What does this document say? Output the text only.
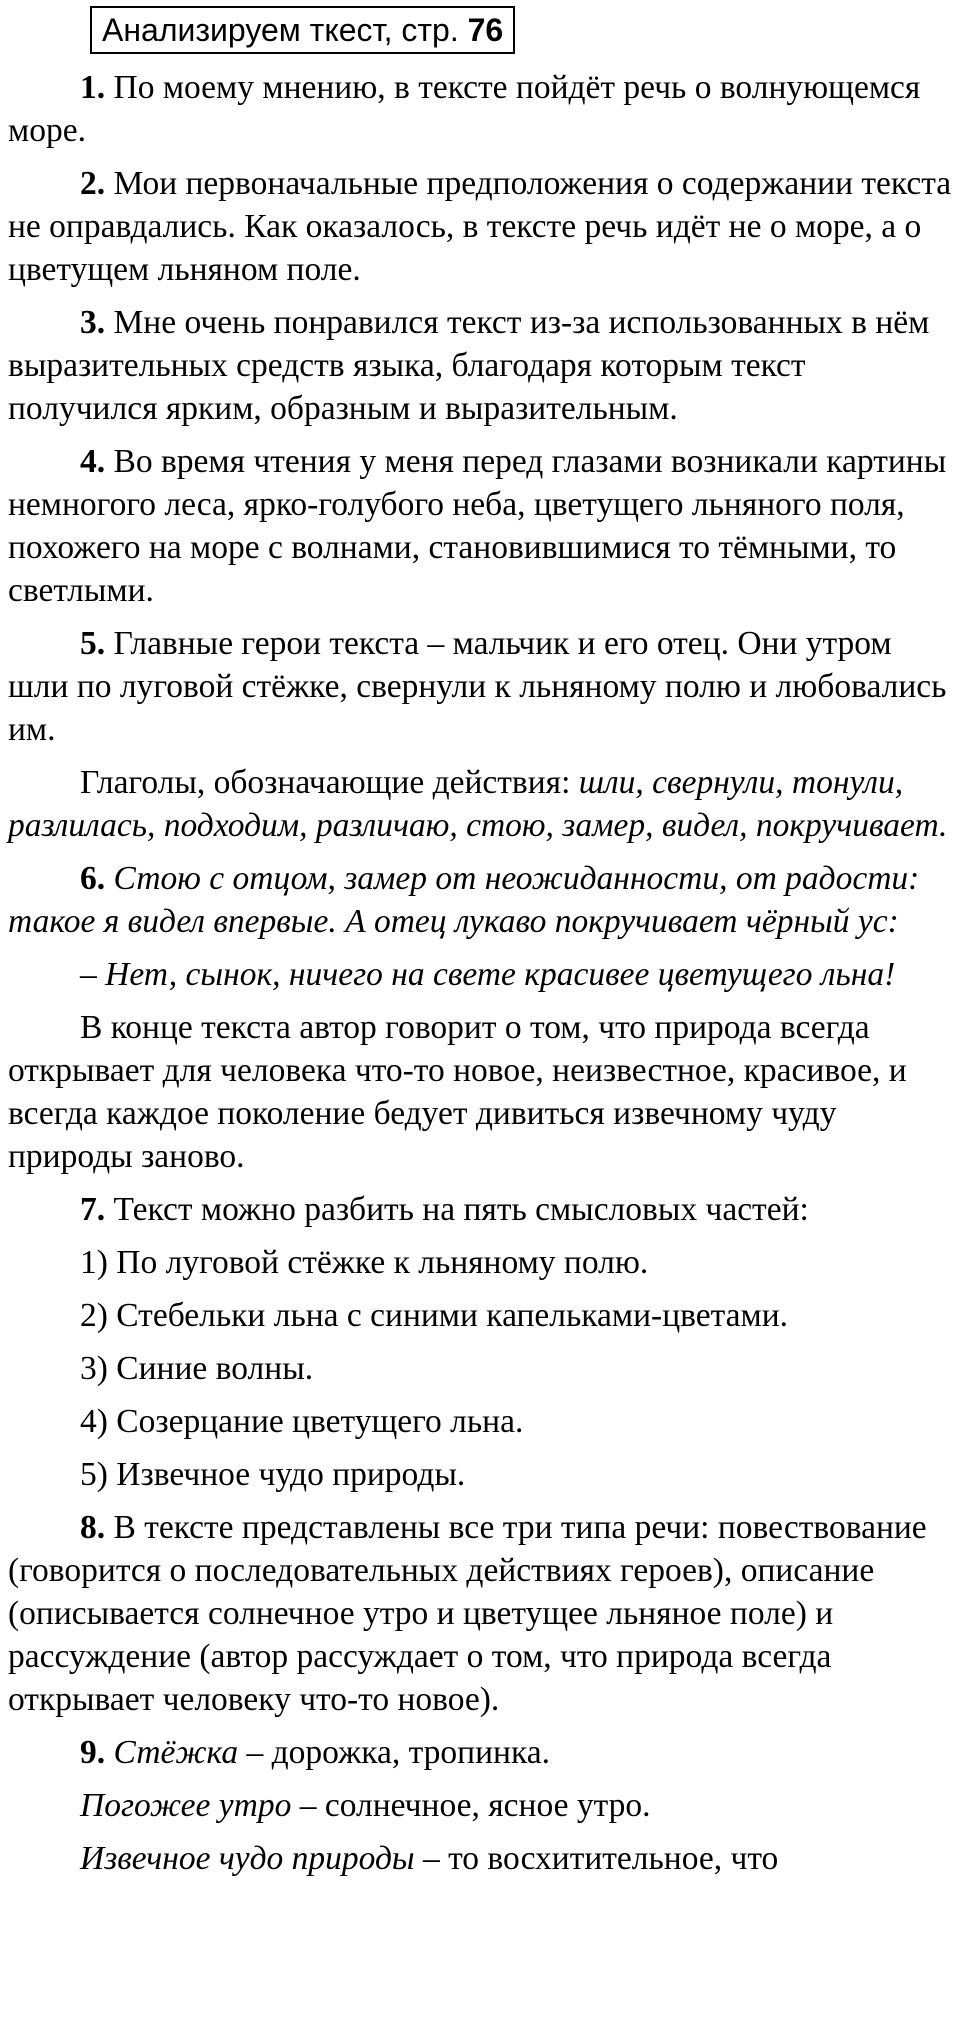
Анализируем ткест, стр. 76

1. По моему мнению, в тексте пойдёт речь о волнующемся море.

2. Мои первоначальные предположения о содержании текста не оправдались. Как оказалось, в тексте речь идёт не о море, а о цветущем льняном поле.

3. Мне очень понравился текст из-за использованных в нём выразительных средств языка, благодаря которым текст получился ярким, образным и выразительным.

4. Во время чтения у меня перед глазами возникали картины немногого леса, ярко-голубого неба, цветущего льняного поля, похожего на море с волнами, становившимися то тёмными, то светлыми.

5. Главные герои текста – мальчик и его отец. Они утром шли по луговой стёжке, свернули к льняному полю и любовались им.

Глаголы, обозначающие действия: шли, свернули, тонули, разлилась, подходим, различаю, стою, замер, видел, покручивает.

6. Стою с отцом, замер от неожиданности, от радости: такое я видел впервые. А отец лукаво покручивает чёрный ус:

– Нет, сынок, ничего на свете красивее цветущего льна!

В конце текста автор говорит о том, что природа всегда открывает для человека что-то новое, неизвестное, красивое, и всегда каждое поколение бедует дивиться извечному чуду природы заново.

7. Текст можно разбить на пять смысловых частей:

1) По луговой стёжке к льняному полю.

2) Стебельки льна с синими капельками-цветами.

3) Синие волны.

4) Созерцание цветущего льна.

5) Извечное чудо природы.

8. В тексте представлены все три типа речи: повествование (говорится о последовательных действиях героев), описание (описывается солнечное утро и цветущее льняное поле) и рассуждение (автор рассуждает о том, что природа всегда открывает человеку что-то новое).

9. Стёжка – дорожка, тропинка.

Погожее утро – солнечное, ясное утро.

Извечное чудо природы – то восхитительное, что
